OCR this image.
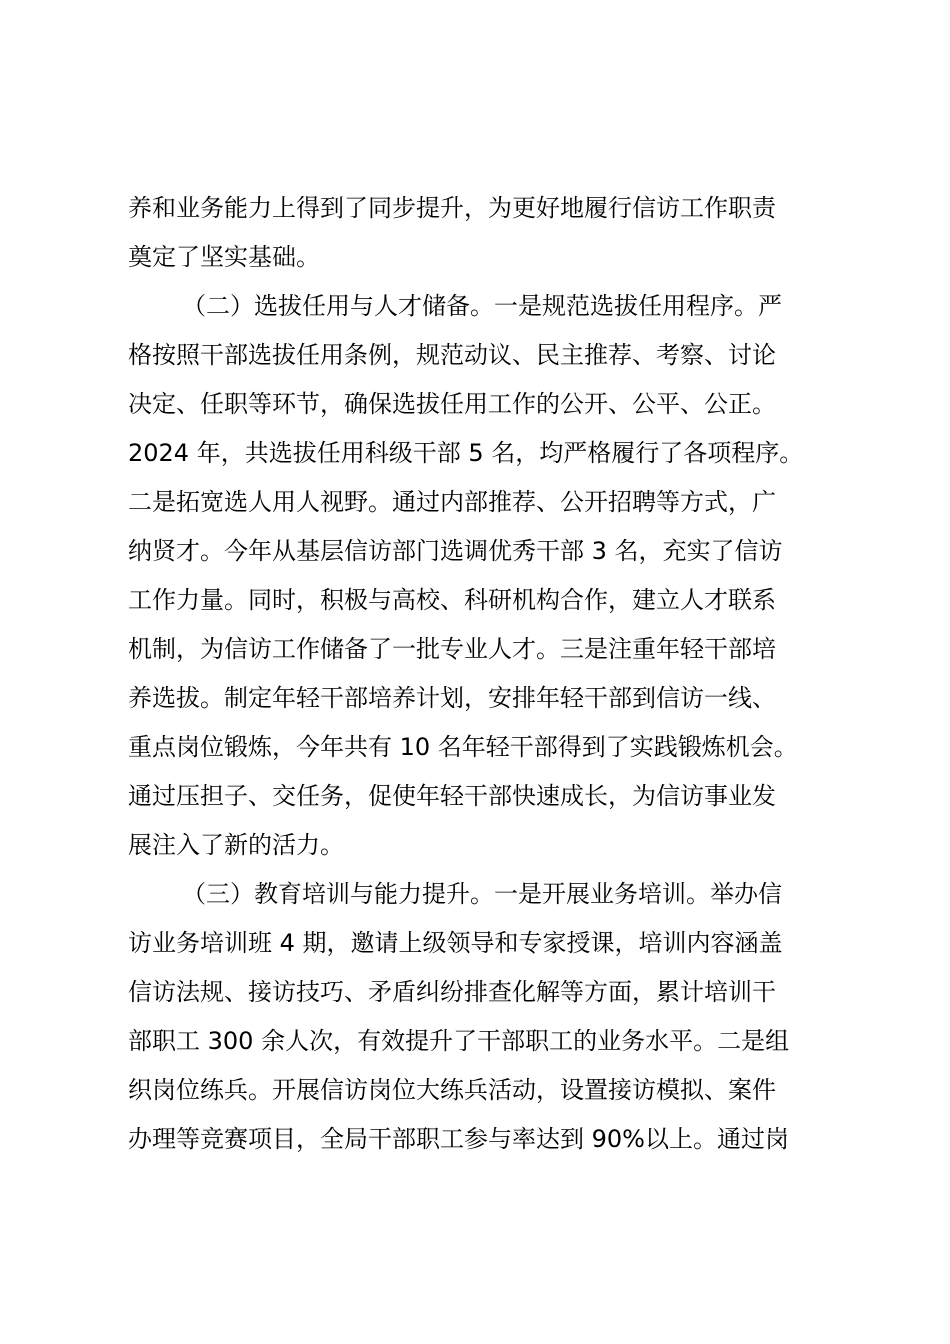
养和业务能力上得到了同步提升，为更好地履行信访工作职责
奠定了坚实基础。
（二）选拔任用与人才储备。一是规范选拔任用程序。严
格按照干部选拔任用条例，规范动议、民主推荐、考察、讨论
决定、任职等环节，确保选拔任用工作的公开、公平、公正。
2024 年，共选拔任用科级干部 5 名，均严格履行了各项程序。
二是拓宽选人用人视野。通过内部推荐、公开招聘等方式，广
纳贤才。今年从基层信访部门选调优秀干部 3 名，充实了信访
工作力量。同时，积极与高校、科研机构合作，建立人才联系
机制，为信访工作储备了一批专业人才。三是注重年轻干部培
养选拔。制定年轻干部培养计划，安排年轻干部到信访一线、
重点岗位锻炼，今年共有 10 名年轻干部得到了实践锻炼机会。
通过压担子、交任务，促使年轻干部快速成长，为信访事业发
展注入了新的活力。
（三）教育培训与能力提升。一是开展业务培训。举办信
访业务培训班 4 期，邀请上级领导和专家授课，培训内容涵盖
信访法规、接访技巧、矛盾纠纷排查化解等方面，累计培训干
部职工 300 余人次，有效提升了干部职工的业务水平。二是组
织岗位练兵。开展信访岗位大练兵活动，设置接访模拟、案件
办理等竞赛项目，全局干部职工参与率达到 90%以上。通过岗
